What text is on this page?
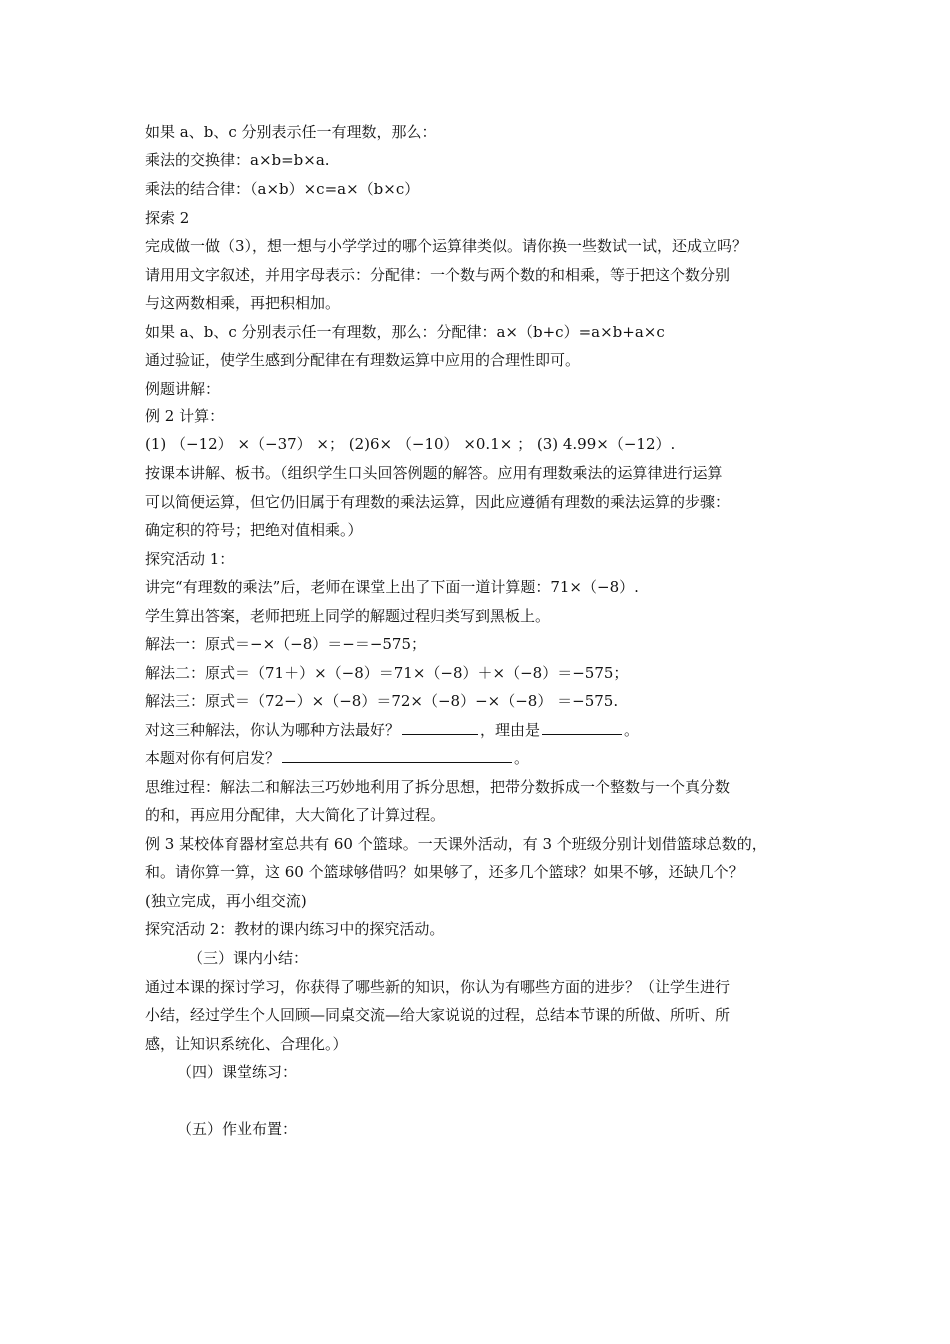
如果 a、b、c 分别表示任一有理数，那么：
乘法的交换律：a×b=b×a.
乘法的结合律：（a×b）×c=a×（b×c）
探索 2
完成做一做（3），想一想与小学学过的哪个运算律类似。请你换一些数试一试，还成立吗？
请用用文字叙述，并用字母表示：分配律：一个数与两个数的和相乘，等于把这个数分别
与这两数相乘，再把积相加。
如果 a、b、c 分别表示任一有理数，那么：分配律：a×（b+c）=a×b+a×c
通过验证，使学生感到分配律在有理数运算中应用的合理性即可。
例题讲解：
例 2 计算：
(1) （−12） ×（−37） ×； (2)6× （−10） ×0.1× ； (3) 4.99×（−12）.
按课本讲解、板书。（组织学生口头回答例题的解答。应用有理数乘法的运算律进行运算
可以简便运算，但它仍旧属于有理数的乘法运算，因此应遵循有理数的乘法运算的步骤：
确定积的符号；把绝对值相乘。）
探究活动 1：
讲完“有理数的乘法”后，老师在课堂上出了下面一道计算题：71×（−8）.
学生算出答案，老师把班上同学的解题过程归类写到黑板上。
解法一：原式＝−×（−8）＝−＝−575；
解法二：原式＝（71＋）×（−8）＝71×（−8）＋×（−8）＝−575；
解法三：原式＝（72−）×（−8）＝72×（−8）−×（−8） ＝−575.
对这三种解法，你认为哪种方法最好？	，理由是	。
本题对你有何启发？	。
思维过程：解法二和解法三巧妙地利用了拆分思想，把带分数拆成一个整数与一个真分数
的和，再应用分配律，大大简化了计算过程。
例 3 某校体育器材室总共有 60 个篮球。一天课外活动，有 3 个班级分别计划借篮球总数的，
和。请你算一算，这 60 个篮球够借吗？如果够了，还多几个篮球？如果不够，还缺几个？
(独立完成，再小组交流)
探究活动 2：教材的课内练习中的探究活动。
（三）课内小结：
通过本课的探讨学习，你获得了哪些新的知识，你认为有哪些方面的进步？（让学生进行
小结，经过学生个人回顾—同桌交流—给大家说说的过程，总结本节课的所做、所听、所
感，让知识系统化、合理化。）
（四）课堂练习：
（五）作业布置：
